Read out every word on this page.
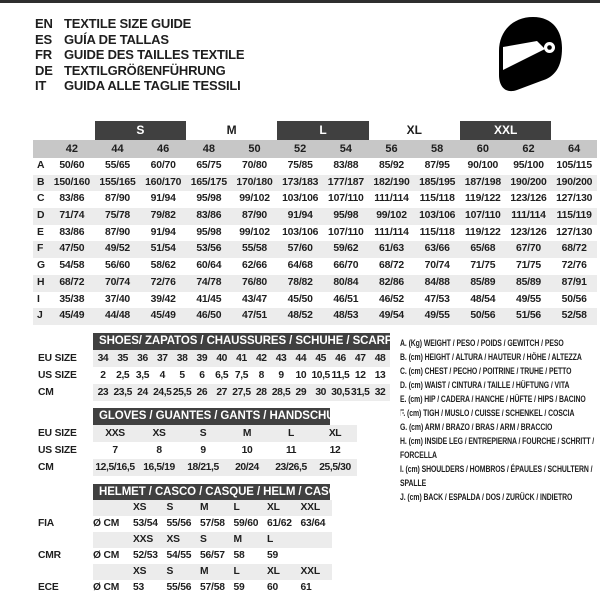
EN TEXTILE SIZE GUIDE
ES GUÍA DE TALLAS
FR GUIDE DES TAILLES TEXTILE
DE TEXTILGRÖßENFÜHRUNG
IT	GUIDA ALLE TAGLIE TESSILI
S	M	L	XL	XXL
42	44	46	48	50	52	54	56	58	60	62	64
A	50/60	55/65	60/70	65/75	70/80	75/85	83/88	85/92	87/95	90/100	95/100	105/115
B 150/160 155/165 160/170 165/175 170/180 173/183 177/187 182/190 185/195 187/198 190/200 190/200
C	83/86	87/90	91/94	95/98	99/102	103/106 107/110	111/114	115/118 119/122 123/126 127/130
D	71/74	75/78	79/82	83/86	87/90	91/94	95/98	99/102	103/106 107/110	111/114	115/119
E	83/86	87/90	91/94	95/98	99/102	103/106 107/110	111/114	115/118 119/122 123/126 127/130
F	47/50	49/52	51/54	53/56	55/58	57/60	59/62	61/63	63/66	65/68	67/70	68/72
G	54/58	56/60	58/62	60/64	62/66	64/68	66/70	68/72	70/74	71/75	71/75	72/76
H	68/72	70/74	72/76	74/78	76/80	78/82	80/84	82/86	84/88	85/89	85/89	87/91
I	35/38	37/40	39/42	41/45	43/47	45/50	46/51	46/52	47/53	48/54	49/55	50/56
J	45/49	44/48	45/49	46/50	47/51	48/52	48/53	49/54	49/55	50/56	51/56	52/58
SHOES/ ZAPATOS / CHAUSSURES / SCHUHE / SCARPE
EU SIZE	34 35 36 37 38 39 40 41 42 43 44 45 46 47 48
US SIZE	2	2,5 3,5	4	5	6	6,5 7,5	8	9	10 10,5 11,5 12 13
CM	23 23,5 24 24,5 25,5 26 27 27,5 28 28,5 29 30 30,5 31,5 32
A. (Kg) WEIGHT / PESO / POIDS / GEWITCH / PESO
B. (cm) HEIGHT / ALTURA / HAUTEUR / HÖHE / ALTEZZA
C. (cm) CHEST / PECHO / POITRINE / TRUHE / PETTO
D. (cm) WAIST / CINTURA / TAILLE / HÜFTUNG / VITA
E. (cm) HIP / CADERA / HANCHE / HÜFTE / HIPS / BACINO
F. (cm) TIGH / MUSLO / CUISSE / SCHENKEL / COSCIA
G. (cm) ARM / BRAZO / BRAS / ARM / BRACCIO
H. (cm) INSIDE LEG / ENTREPIERNA / FOURCHE / SCHRITT / FORCELLA
I. (cm) SHOULDERS / HOMBROS / ÉPAULES / SCHULTERN / SPALLE
J. (cm) BACK / ESPALDA / DOS / ZURÜCK / INDIETRO
GLOVES / GUANTES / GANTS / HANDSCHUHE / GUANTI
EU SIZE	XXS	XS	S	M	L	XL
US SIZE	7	8	9	10	11	12
CM	12,5/16,5 16,5/19	18/21,5	20/24	23/26,5	25,5/30
HELMET / CASCO / CASQUE / HELM / CASCO
XS	S	M	L	XL	XXL
FIA	Ø CM	53/54 55/56 57/58 59/60 61/62 63/64
XXS	XS	S	M	L
CMR	Ø CM	52/53 54/55 56/57 58	59
XS	S	M	L	XL	XXL
ECE	Ø CM	53	55/56 57/58 59	60	61
